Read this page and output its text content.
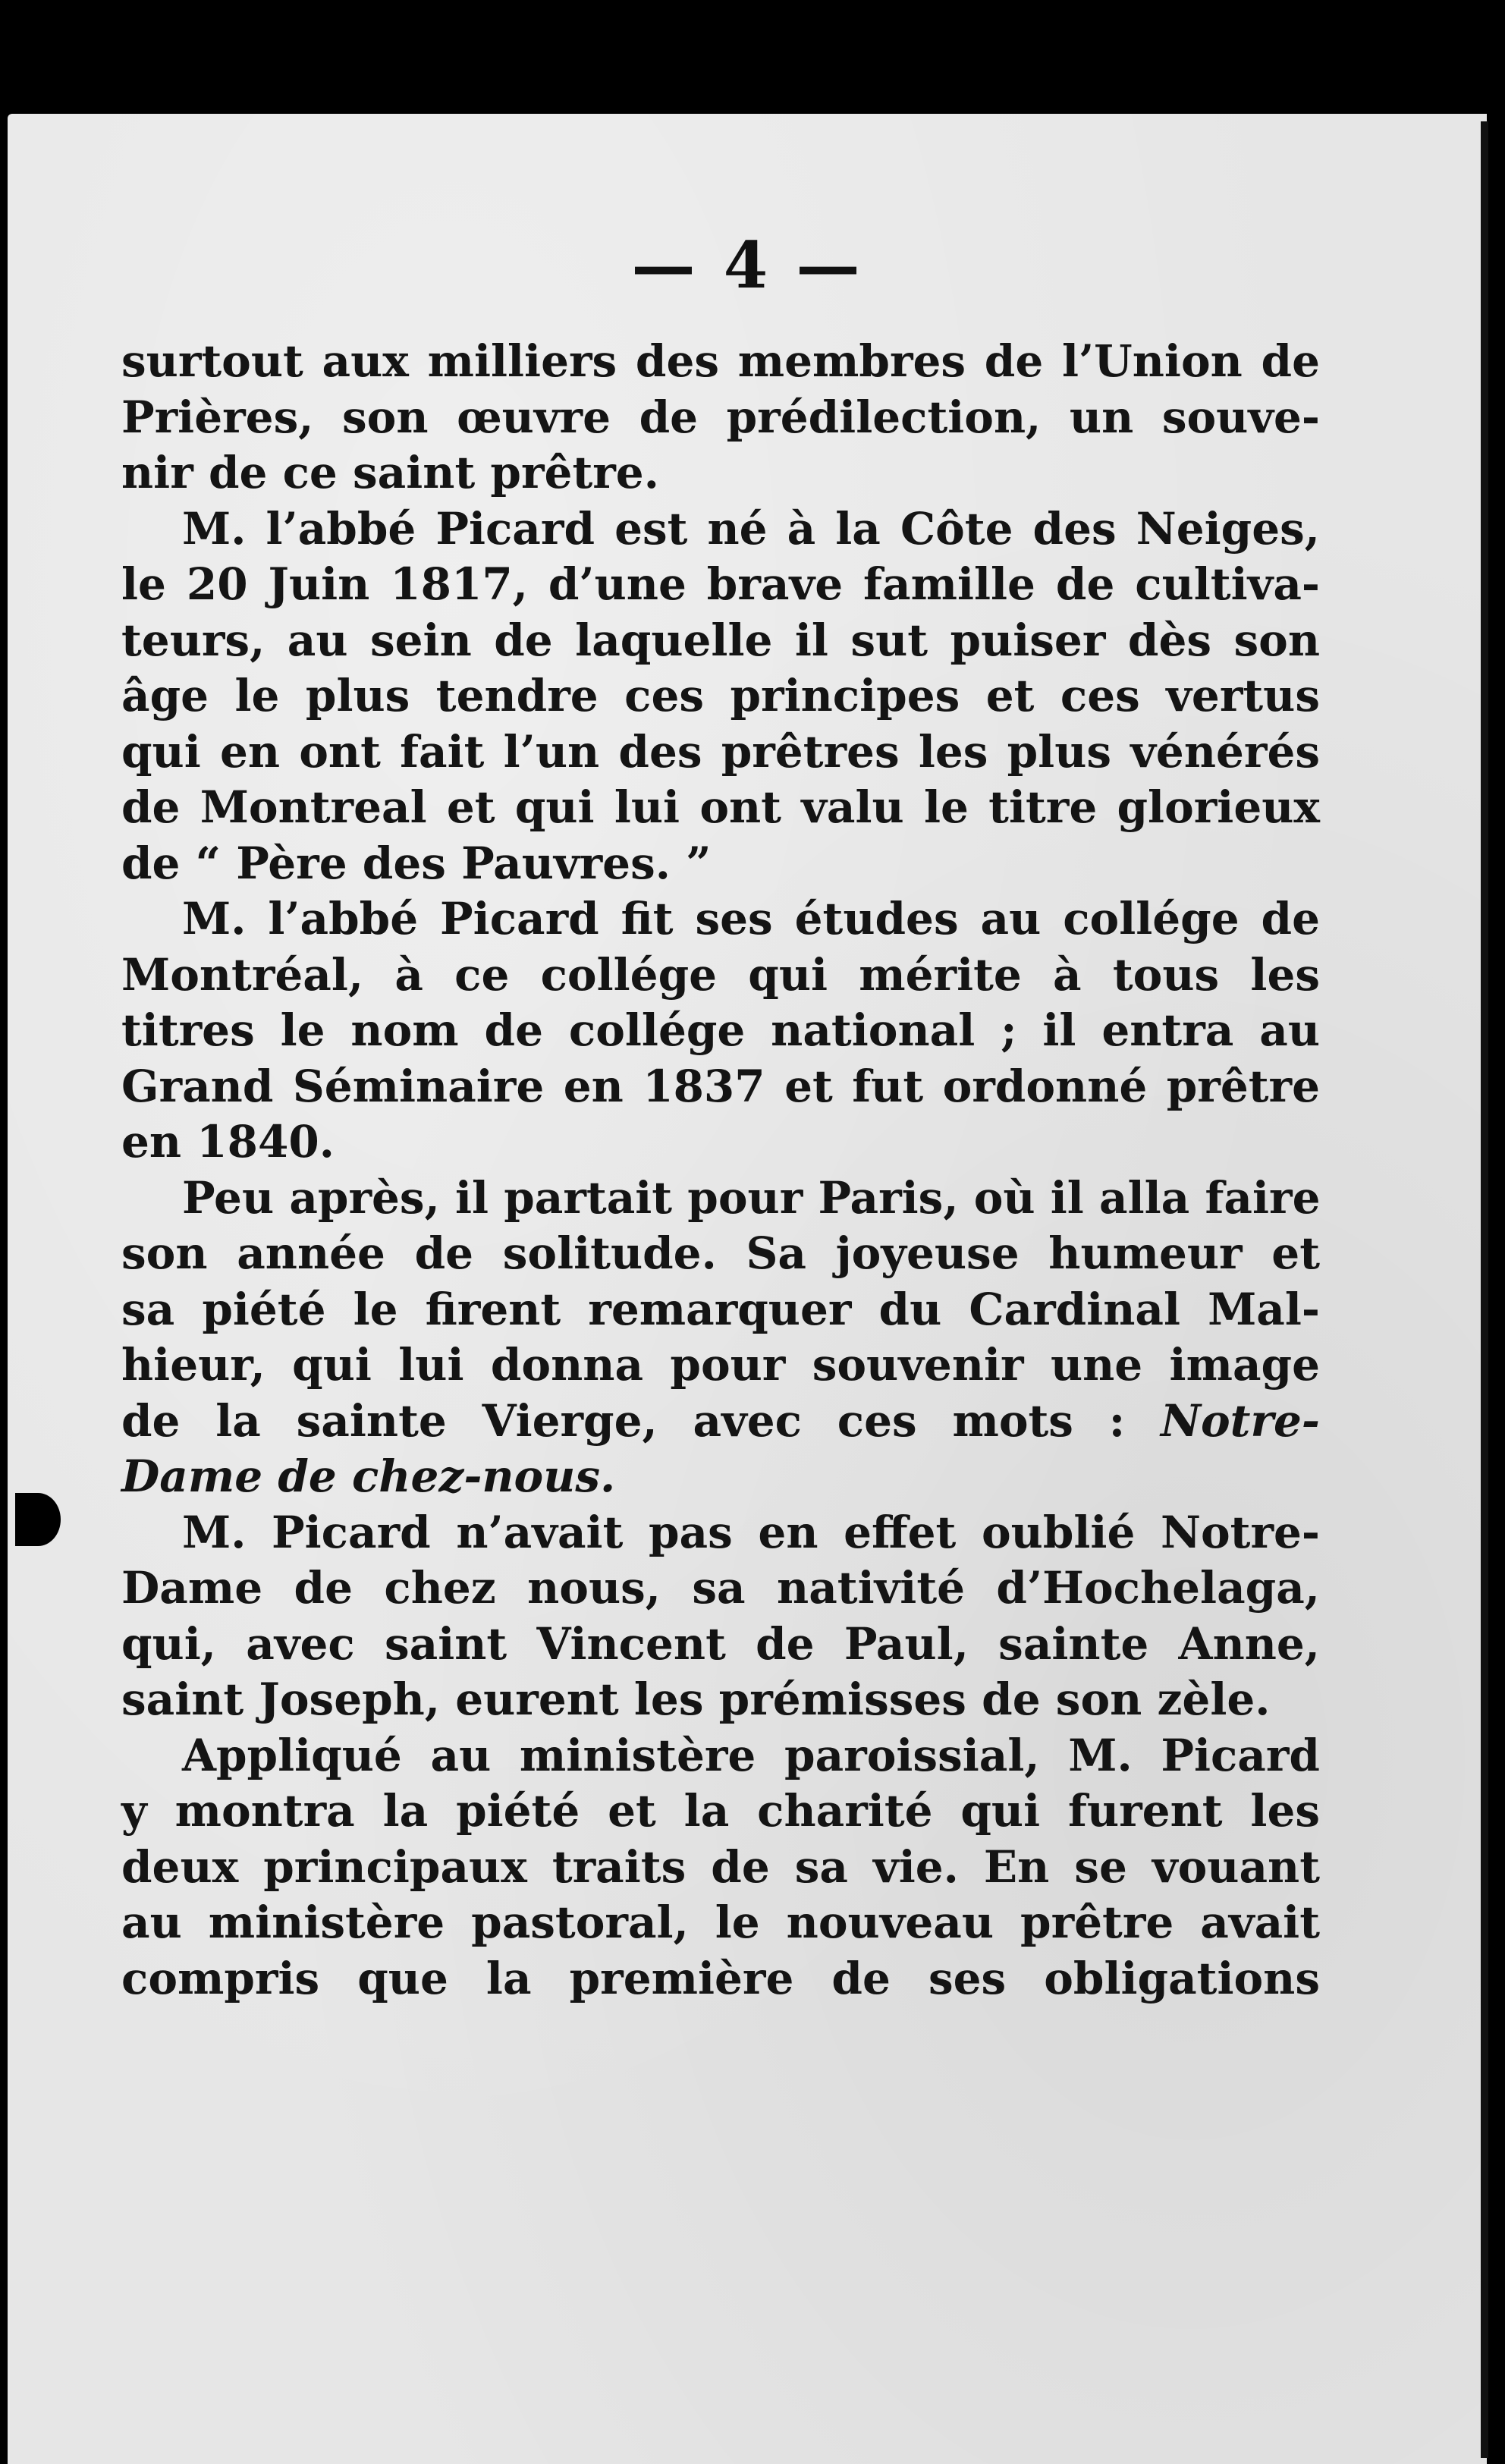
— 4 —
surtout aux milliers des membres de l’Union de
Prières, son œuvre de prédilection, un souve-
nir de ce saint prêtre.
M. l’abbé Picard est né à la Côte des Neiges,
le 20 Juin 1817, d’une brave famille de cultiva-
teurs, au sein de laquelle il sut puiser dès son
âge le plus tendre ces principes et ces vertus
qui en ont fait l’un des prêtres les plus vénérés
de Montreal et qui lui ont valu le titre glorieux
de “ Père des Pauvres. ”
M. l’abbé Picard fit ses études au collége de
Montréal, à ce collége qui mérite à tous les
titres le nom de collége national ; il entra au
Grand Séminaire en 1837 et fut ordonné prêtre
en 1840.
Peu après, il partait pour Paris, où il alla faire
son année de solitude. Sa joyeuse humeur et
sa piété le firent remarquer du Cardinal Mal-
hieur, qui lui donna pour souvenir une image
de la sainte Vierge, avec ces mots : Notre-
Dame de chez-nous.
M. Picard n’avait pas en effet oublié Notre-
Dame de chez nous, sa nativité d’Hochelaga,
qui, avec saint Vincent de Paul, sainte Anne,
saint Joseph, eurent les prémisses de son zèle.
Appliqué au ministère paroissial, M. Picard
y montra la piété et la charité qui furent les
deux principaux traits de sa vie. En se vouant
au ministère pastoral, le nouveau prêtre avait
compris que la première de ses obligations
